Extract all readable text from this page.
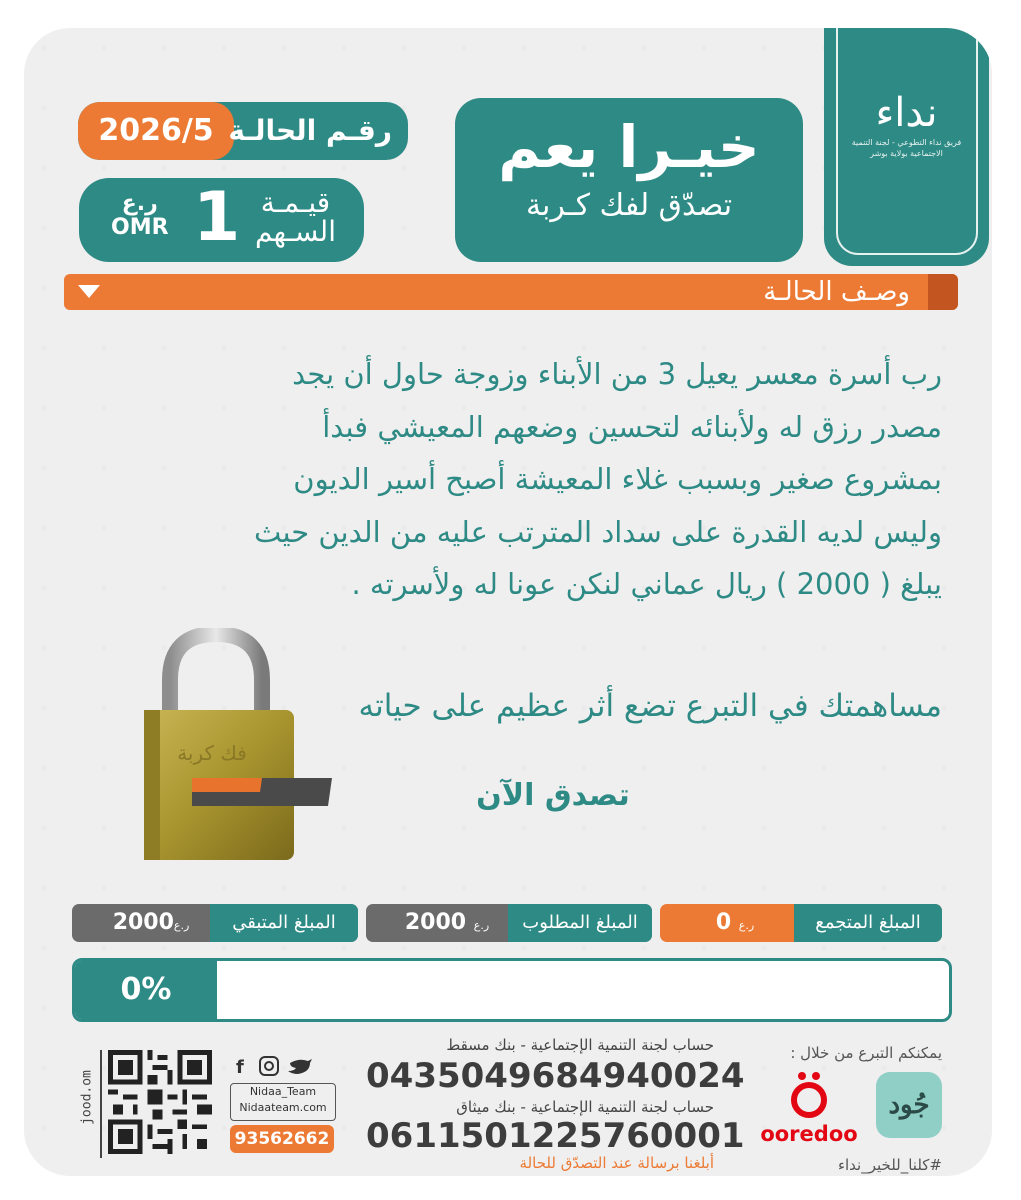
نداء
فريق نداء التطوعي - لجنة التنمية الاجتماعية بولاية بوشر
خيـرا يعم
تصدّق لفك كـربة
2026/5 رقـم الحالـة
ر.ع
OMR 1 قيـمـة
السـهم
وصـف الحالـة
رب أسرة معسر يعيل 3 من الأبناء وزوجة حاول أن يجد
مصدر رزق له ولأبنائه لتحسين وضعهم المعيشي فبدأ
بمشروع صغير وبسبب غلاء المعيشة أصبح أسير الديون
وليس لديه القدرة على سداد المترتب عليه من الدين حيث
يبلغ ( 2000 ) ريال عماني لنكن عونا له ولأسرته .
فك كربة
مساهمتك في التبرع تضع أثر عظيم على حياته
تصدق الآن
المبلغ المتجمع
0 ر.ع
المبلغ المطلوب
2000 ر.ع
المبلغ المتبقي
2000ر.ع
0%
jood.om
f
Nidaa_Team
Nidaateam.com
93562662
حساب لجنة التنمية الإجتماعية - بنك مسقط
0435049684940024
حساب لجنة التنمية الإجتماعية - بنك ميثاق
0611501225760001
أبلغنا برسالة عند التصدّق للحالة
يمكنكم التبرع من خلال :
ooredoo
جُود
#كلنا_للخير_نداء
